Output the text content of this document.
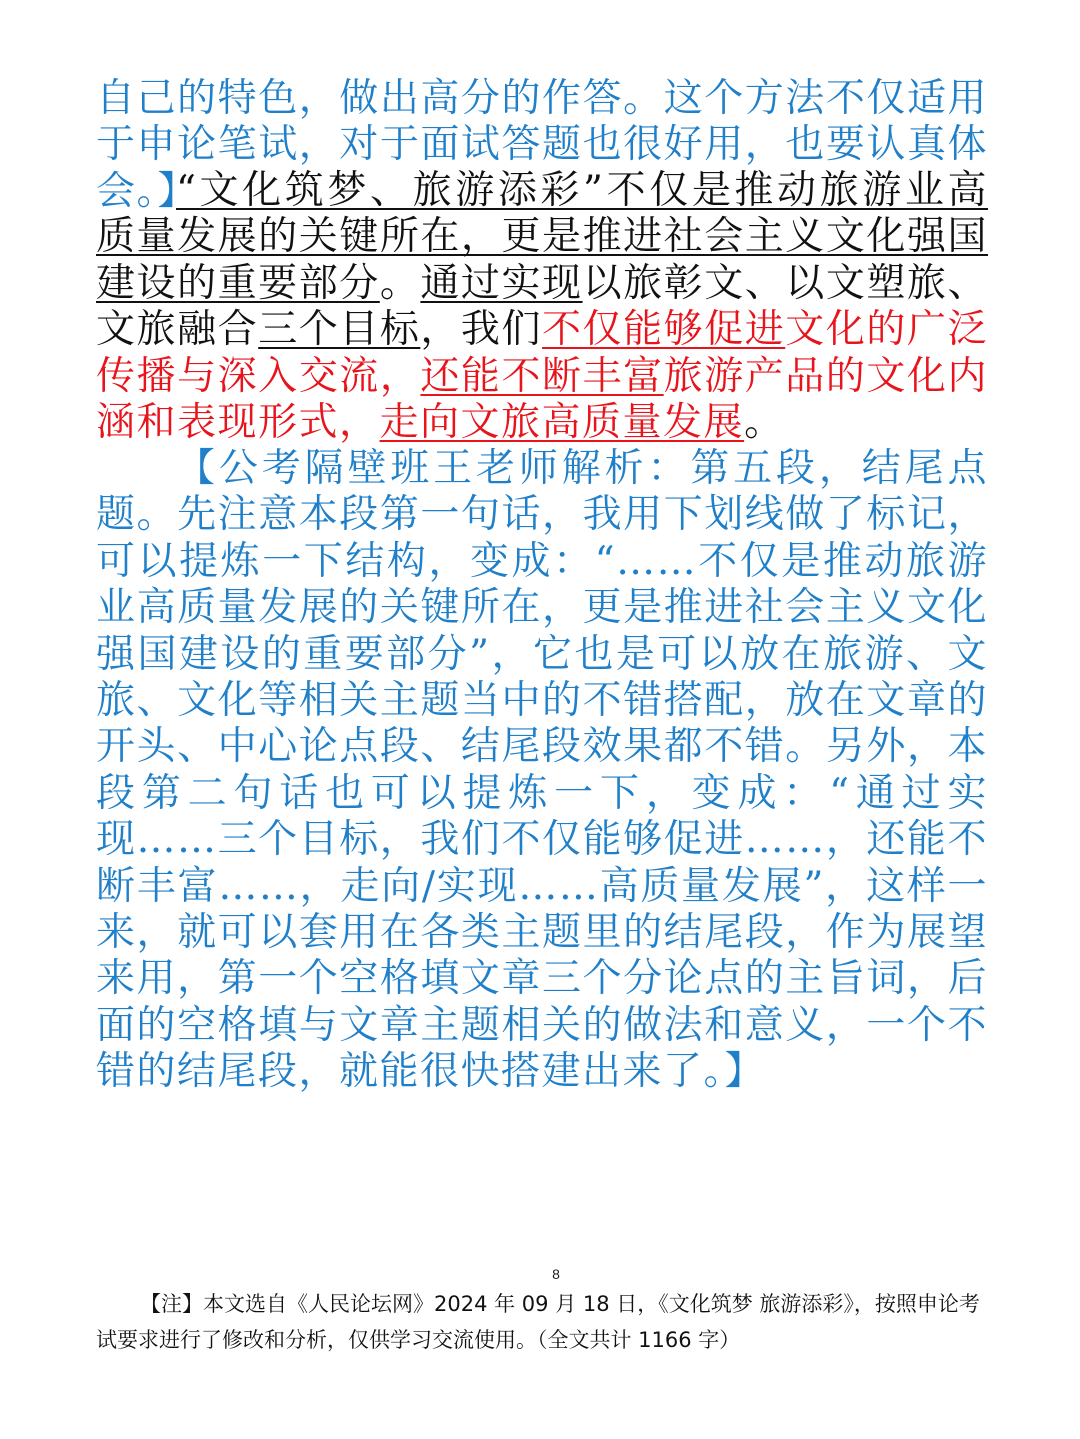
自己的特色，做出高分的作答。这个方法不仅适用于申论笔试，对于面试答题也很好用，也要认真体会。】

“文化筑梦、旅游添彩”不仅是推动旅游业高质量发展的关键所在，更是推进社会主义文化强国建设的重要部分。通过实现以旅彰文、以文塑旅、文旅融合三个目标，我们不仅能够促进文化的广泛传播与深入交流，还能不断丰富旅游产品的文化内涵和表现形式，走向文旅高质量发展。

【公考隔壁班王老师解析：第五段，结尾点题。先注意本段第一句话，我用下划线做了标记，可以提炼一下结构，变成：“……不仅是推动旅游业高质量发展的关键所在，更是推进社会主义文化强国建设的重要部分”，它也是可以放在旅游、文旅、文化等相关主题当中的不错搭配，放在文章的开头、中心论点段、结尾段效果都不错。另外，本段第二句话也可以提炼一下，变成：“通过实现……三个目标，我们不仅能够促进……，还能不断丰富……，走向/实现……高质量发展”，这样一来，就可以套用在各类主题里的结尾段，作为展望来用，第一个空格填文章三个分论点的主旨词，后面的空格填与文章主题相关的做法和意义，一个不错的结尾段，就能很快搭建出来了。】

8

【注】本文选自《人民论坛网》2024 年 09 月 18 日，《文化筑梦 旅游添彩》，按照申论考试要求进行了修改和分析，仅供学习交流使用。（全文共计 1166 字）
